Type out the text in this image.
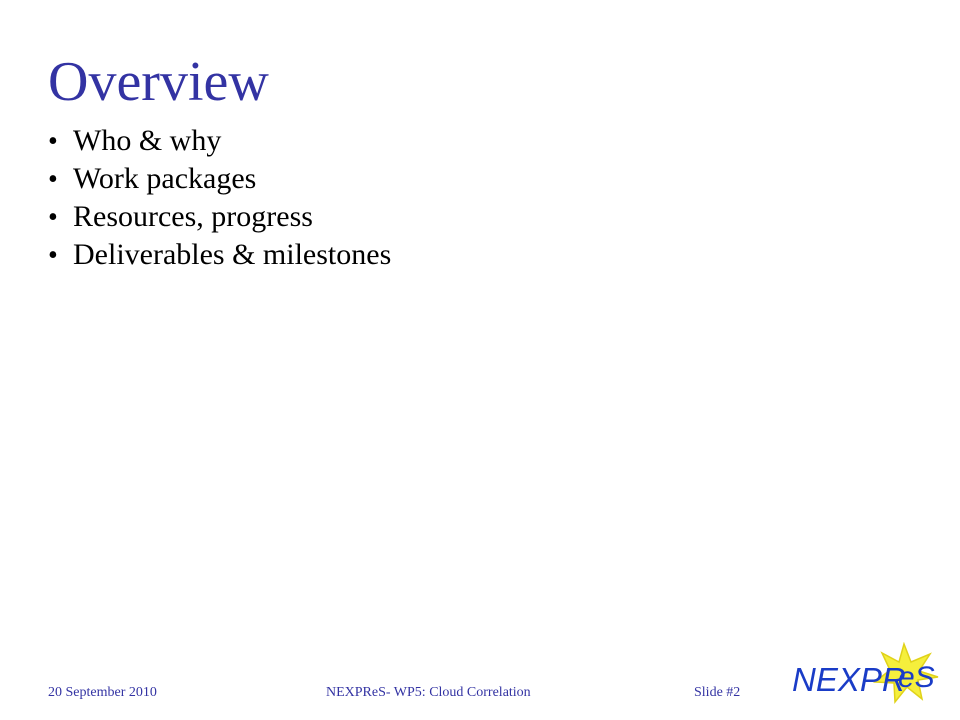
Overview
• Who & why
• Work packages
• Resources, progress
• Deliverables & milestones
20 September 2010	NEXPReS- WP5: Cloud Correlation	Slide #2 NEXPR
eS
